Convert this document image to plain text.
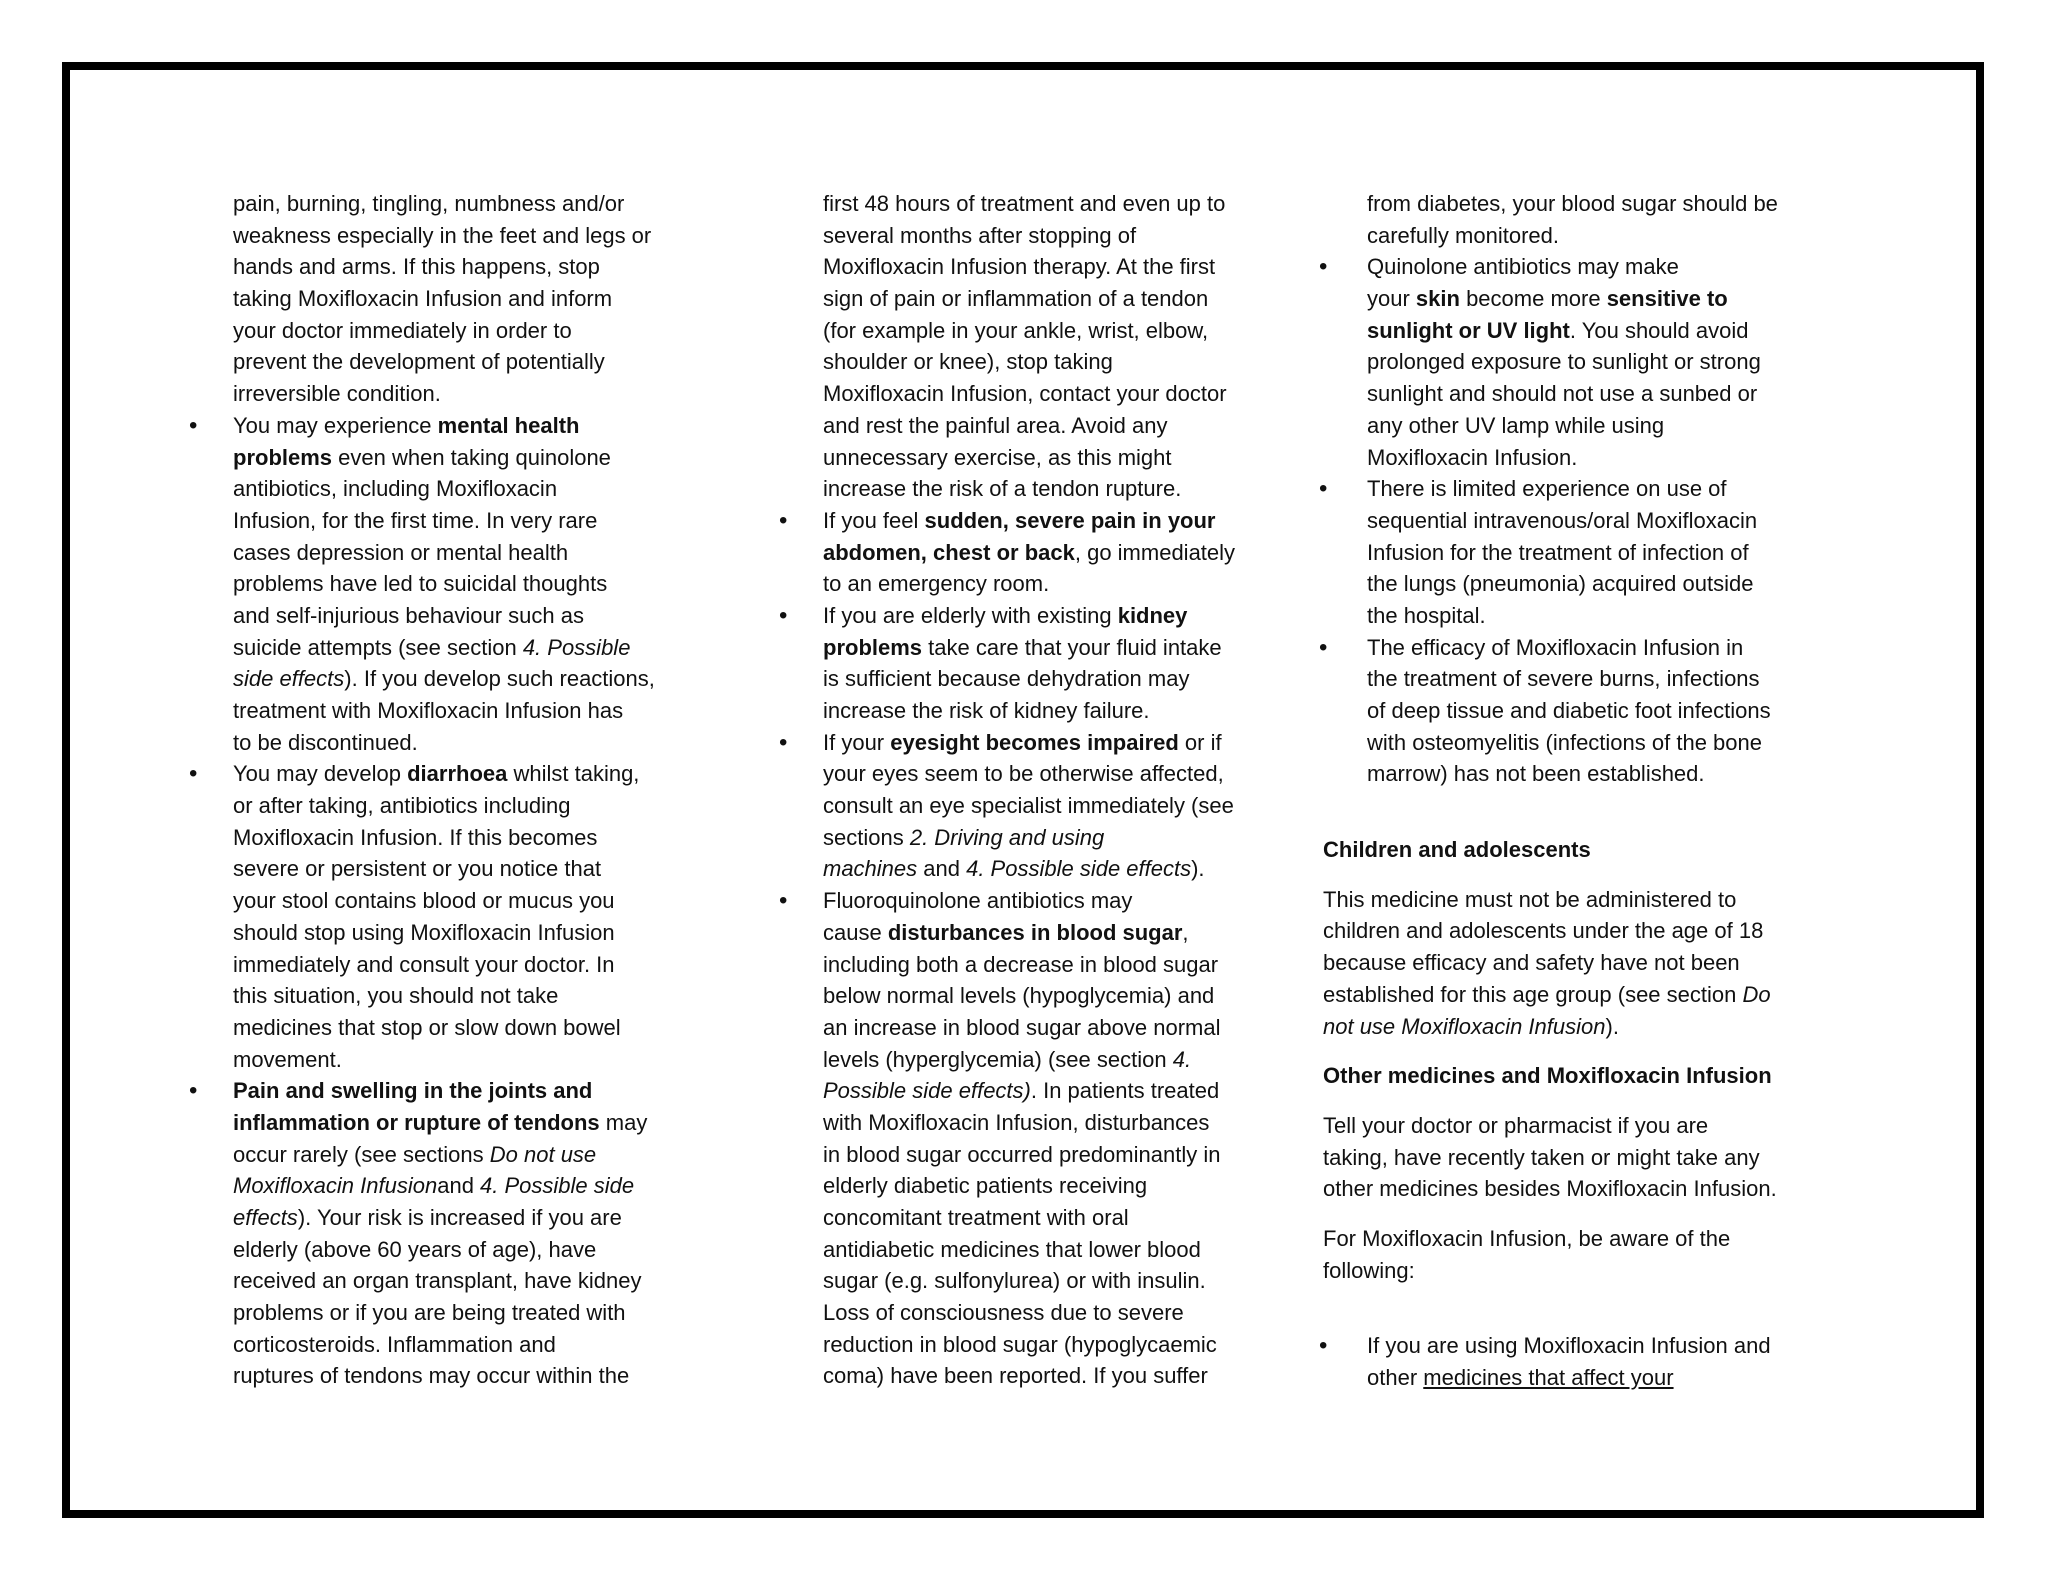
pain, burning, tingling, numbness and/or
weakness especially in the feet and legs or
hands and arms. If this happens, stop
taking Moxifloxacin Infusion and inform
your doctor immediately in order to
prevent the development of potentially
irreversible condition.
• You may experience mental health
problems even when taking quinolone
antibiotics, including Moxifloxacin
Infusion, for the first time. In very rare
cases depression or mental health
problems have led to suicidal thoughts
and self-injurious behaviour such as
suicide attempts (see section 4. Possible
side effects). If you develop such reactions,
treatment with Moxifloxacin Infusion has
to be discontinued.
• You may develop diarrhoea whilst taking,
or after taking, antibiotics including
Moxifloxacin Infusion. If this becomes
severe or persistent or you notice that
your stool contains blood or mucus you
should stop using Moxifloxacin Infusion
immediately and consult your doctor. In
this situation, you should not take
medicines that stop or slow down bowel
movement.
• Pain and swelling in the joints and
inflammation or rupture of tendons may
occur rarely (see sections Do not use
Moxifloxacin Infusionand 4. Possible side
effects). Your risk is increased if you are
elderly (above 60 years of age), have
received an organ transplant, have kidney
problems or if you are being treated with
corticosteroids. Inflammation and
ruptures of tendons may occur within the
first 48 hours of treatment and even up to
several months after stopping of
Moxifloxacin Infusion therapy. At the first
sign of pain or inflammation of a tendon
(for example in your ankle, wrist, elbow,
shoulder or knee), stop taking
Moxifloxacin Infusion, contact your doctor
and rest the painful area. Avoid any
unnecessary exercise, as this might
increase the risk of a tendon rupture.
• If you feel sudden, severe pain in your
abdomen, chest or back, go immediately
to an emergency room.
• If you are elderly with existing kidney
problems take care that your fluid intake
is sufficient because dehydration may
increase the risk of kidney failure.
• If your eyesight becomes impaired or if
your eyes seem to be otherwise affected,
consult an eye specialist immediately (see
sections 2. Driving and using
machines and 4. Possible side effects).
• Fluoroquinolone antibiotics may
cause disturbances in blood sugar,
including both a decrease in blood sugar
below normal levels (hypoglycemia) and
an increase in blood sugar above normal
levels (hyperglycemia) (see section 4.
Possible side effects). In patients treated
with Moxifloxacin Infusion, disturbances
in blood sugar occurred predominantly in
elderly diabetic patients receiving
concomitant treatment with oral
antidiabetic medicines that lower blood
sugar (e.g. sulfonylurea) or with insulin.
Loss of consciousness due to severe
reduction in blood sugar (hypoglycaemic
coma) have been reported. If you suffer
from diabetes, your blood sugar should be
carefully monitored.
• Quinolone antibiotics may make
your skin become more sensitive to
sunlight or UV light. You should avoid
prolonged exposure to sunlight or strong
sunlight and should not use a sunbed or
any other UV lamp while using
Moxifloxacin Infusion.
• There is limited experience on use of
sequential intravenous/oral Moxifloxacin
Infusion for the treatment of infection of
the lungs (pneumonia) acquired outside
the hospital.
• The efficacy of Moxifloxacin Infusion in
the treatment of severe burns, infections
of deep tissue and diabetic foot infections
with osteomyelitis (infections of the bone
marrow) has not been established.
Children and adolescents
This medicine must not be administered to
children and adolescents under the age of 18
because efficacy and safety have not been
established for this age group (see section Do
not use Moxifloxacin Infusion).
Other medicines and Moxifloxacin Infusion
Tell your doctor or pharmacist if you are
taking, have recently taken or might take any
other medicines besides Moxifloxacin Infusion.
For Moxifloxacin Infusion, be aware of the
following:
• If you are using Moxifloxacin Infusion and
other medicines that affect your
